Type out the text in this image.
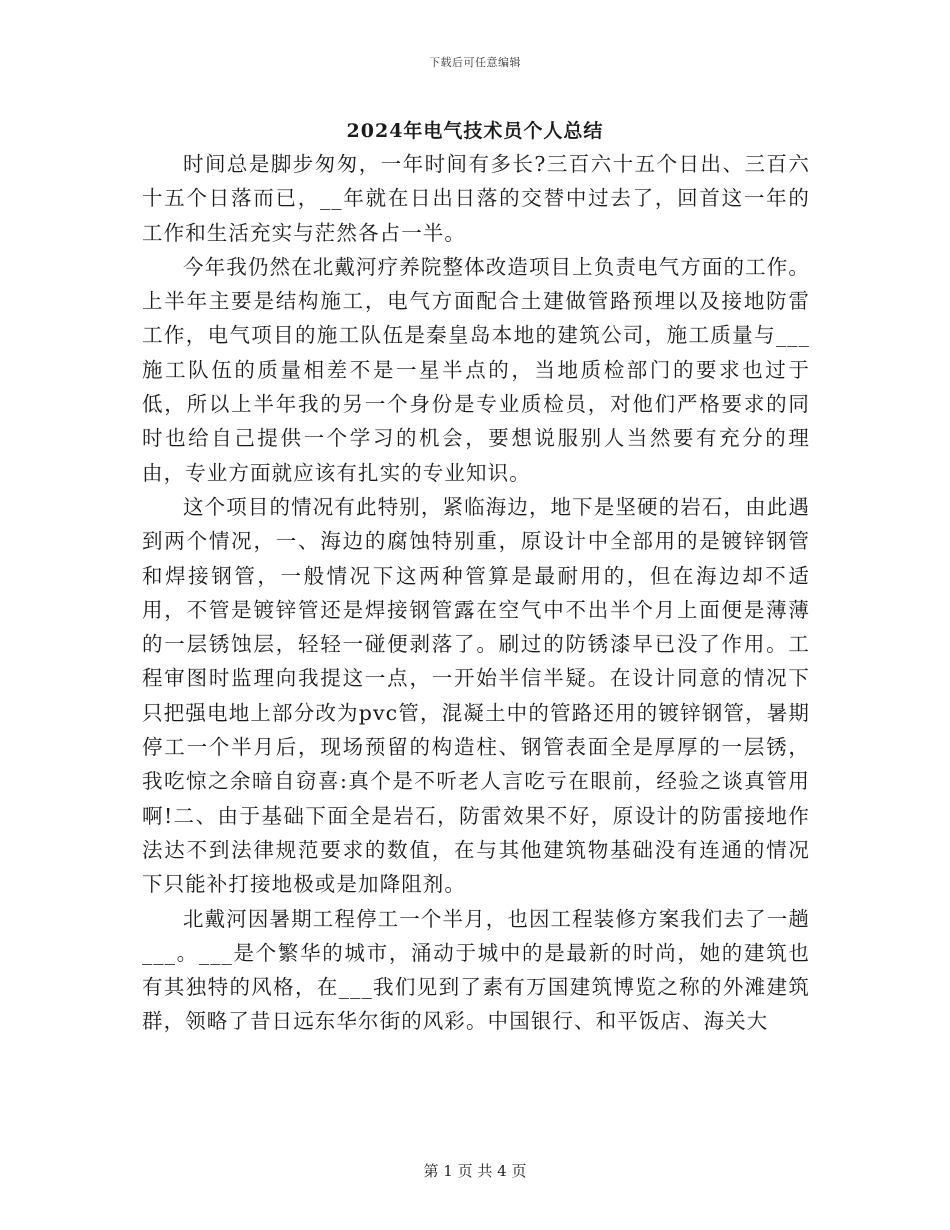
下载后可任意编辑
2024年电气技术员个人总结

时间总是脚步匆匆，一年时间有多长?三百六十五个日出、三百六十五个日落而已，__年就在日出日落的交替中过去了，回首这一年的工作和生活充实与茫然各占一半。

今年我仍然在北戴河疗养院整体改造项目上负责电气方面的工作。上半年主要是结构施工，电气方面配合土建做管路预埋以及接地防雷工作，电气项目的施工队伍是秦皇岛本地的建筑公司，施工质量与___施工队伍的质量相差不是一星半点的，当地质检部门的要求也过于低，所以上半年我的另一个身份是专业质检员，对他们严格要求的同时也给自己提供一个学习的机会，要想说服别人当然要有充分的理由，专业方面就应该有扎实的专业知识。

这个项目的情况有此特别，紧临海边，地下是坚硬的岩石，由此遇到两个情况，一、海边的腐蚀特别重，原设计中全部用的是镀锌钢管和焊接钢管，一般情况下这两种管算是最耐用的，但在海边却不适用，不管是镀锌管还是焊接钢管露在空气中不出半个月上面便是薄薄的一层锈蚀层，轻轻一碰便剥落了。刷过的防锈漆早已没了作用。工程审图时监理向我提这一点，一开始半信半疑。在设计同意的情况下只把强电地上部分改为pvc管，混凝土中的管路还用的镀锌钢管，暑期停工一个半月后，现场预留的构造柱、钢管表面全是厚厚的一层锈，我吃惊之余暗自窃喜:真个是不听老人言吃亏在眼前，经验之谈真管用啊!二、由于基础下面全是岩石，防雷效果不好，原设计的防雷接地作法达不到法律规范要求的数值，在与其他建筑物基础没有连通的情况下只能补打接地极或是加降阻剂。

北戴河因暑期工程停工一个半月，也因工程装修方案我们去了一趟___。___是个繁华的城市，涌动于城中的是最新的时尚，她的建筑也有其独特的风格，在___我们见到了素有万国建筑博览之称的外滩建筑群，领略了昔日远东华尔街的风彩。中国银行、和平饭店、海关大

第 1 页 共 4 页
